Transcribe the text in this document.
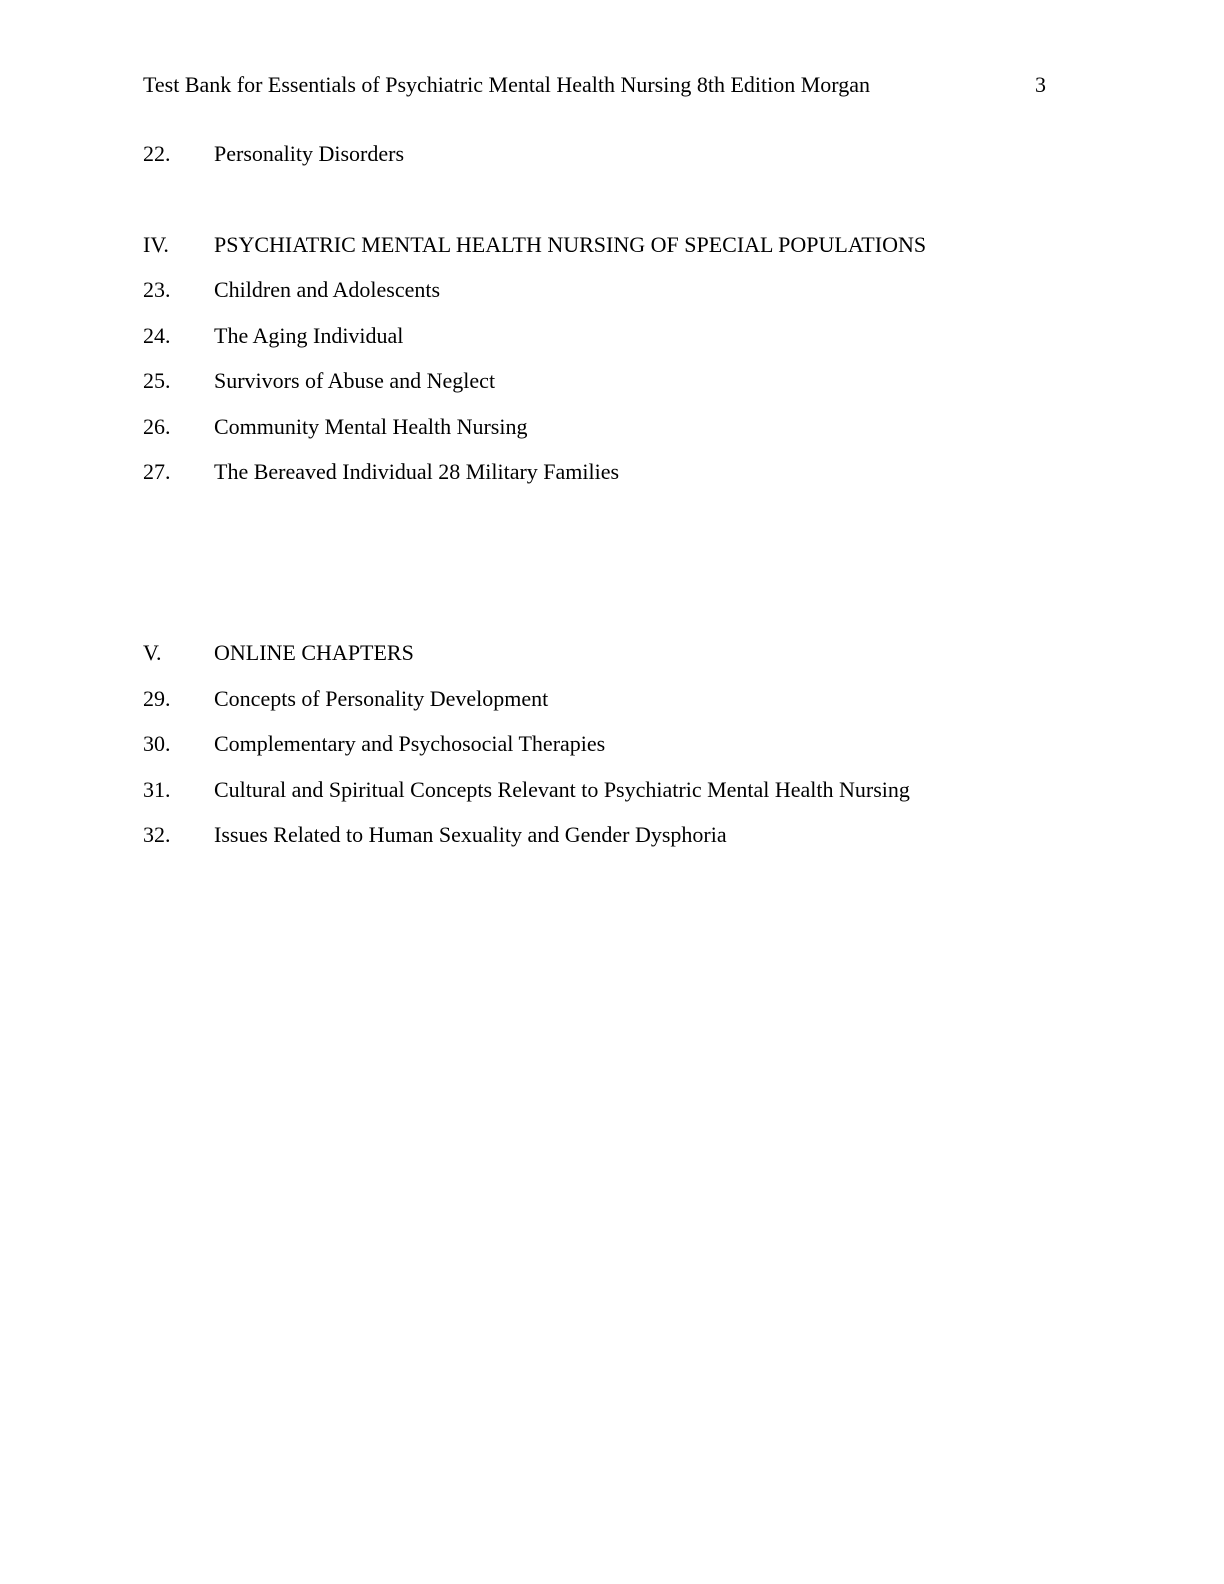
Test Bank for Essentials of Psychiatric Mental Health Nursing 8th Edition Morgan	3
22. Personality Disorders
IV. PSYCHIATRIC MENTAL HEALTH NURSING OF SPECIAL POPULATIONS
23. Children and Adolescents
24. The Aging Individual
25. Survivors of Abuse and Neglect
26. Community Mental Health Nursing
27. The Bereaved Individual 28 Military Families
V. ONLINE CHAPTERS
29. Concepts of Personality Development
30. Complementary and Psychosocial Therapies
31. Cultural and Spiritual Concepts Relevant to Psychiatric Mental Health Nursing
32. Issues Related to Human Sexuality and Gender Dysphoria
